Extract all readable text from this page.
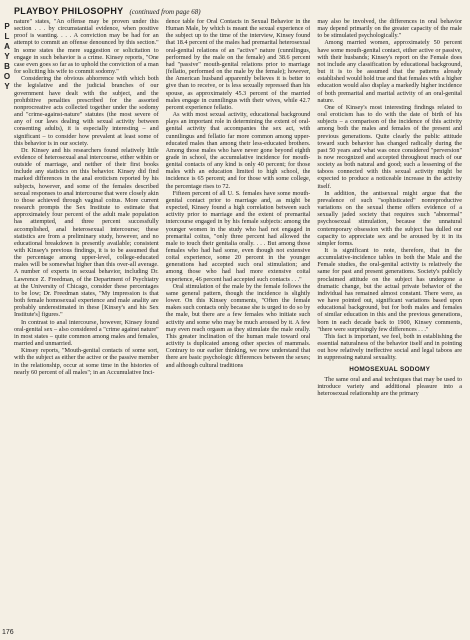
P
L
A
Y
B
O
Y
PLAYBOY PHILOSOPHY (continued from page 68)

nature" states, "An offense may be proven under this section . . . by circumstantial evidence, when positive proof is wanting. . . . A conviction may be had for an attempt to commit an offense denounced by this section." In some states the mere suggestion or solicitation to engage in such behavior is a crime. Kinsey reports, "One case even goes so far as to uphold the conviction of a man for soliciting his wife to commit sodomy."

Considering the obvious abhorrence with which both the legislative and the judicial branches of our government have dealt with the subject, and the prohibitive penalties prescribed for the assorted nonprocreative acts collected together under the sodomy and "crime-against-nature" statutes (the most severe of any of our laws dealing with sexual activity between consenting adults), it is especially interesting – and significant – to consider how prevalent at least some of this behavior is in our society.

Dr. Kinsey and his researchers found relatively little evidence of heterosexual anal intercourse, either within or outside of marriage, and neither of their first books include any statistics on this behavior. Kinsey did find marked differences in the anal eroticism reported by his subjects, however, and some of the females described sexual responses to anal intercourse that were closely akin to those achieved through vaginal coitus. More current research prompts the Sex Institute to estimate that approximately four percent of the adult male population has attempted, and three percent successfully accomplished, anal heterosexual intercourse; these statistics are from a preliminary study, however, and no educational breakdown is presently available; consistent with Kinsey's previous findings, it is to be assumed that the percentage among upper-level, college-educated males will be somewhat higher than this over-all average. A number of experts in sexual behavior, including Dr. Lawrence Z. Freedman, of the Department of Psychiatry at the University of Chicago, consider these percentages to be low; Dr. Freedman states, "My impression is that both female homosexual experience and male anality are probably underestimated in these [Kinsey's and his Sex Institute's] figures."

In contrast to anal intercourse, however, Kinsey found oral-genital sex – also considered a "crime against nature" in most states – quite common among males and females, married and unmarried.

Kinsey reports, "Mouth-genital contacts of some sort, with the subject as either the active or the passive member in the relationship, occur at some time in the histories of nearly 60 percent of all males"; in an Accumulative Inci-

dence table for Oral Contacts in Sexual Behavior in the Human Male, by which is meant the sexual experience of the subject up to the time of the interview, Kinsey found that 18.4 percent of the males had premarital heterosexual oral-genital relations of an "active" nature (cunnilingus, performed by the male on the female) and 38.6 percent had "passive" mouth-genital relations prior to marriage (fellatio, performed on the male by the female); however, the American husband apparently believes it is better to give than to receive, or is less sexually repressed than his spouse, as approximately 45.3 percent of the married males engage in cunnilingus with their wives, while 42.7 percent experience fellatio.

As with most sexual activity, educational background plays an important role in determining the extent of oral-genital activity that accompanies the sex act, with cunnilingus and fellatio far more common among upper-educated males than among their less-educated brothers. Among those males who have never gone beyond eighth grade in school, the accumulative incidence for mouth-genital contacts of any kind is only 40 percent; for those males with an education limited to high school, the incidence is 65 percent; and for those with some college, the percentage rises to 72.

Fifteen percent of all U. S. females have some mouth-genital contact prior to marriage and, as might be expected, Kinsey found a high correlation between such activity prior to marriage and the extent of premarital intercourse engaged in by his female subjects: among the younger women in the study who had not engaged in premarital coitus, "only three percent had allowed the male to touch their genitalia orally. . . . But among those females who had had some, even though not extensive coital experience, some 20 percent in the younger generations had accepted such oral stimulation; and among those who had had more extensive coital experience, 46 percent had accepted such contacts . . ."

Oral stimulation of the male by the female follows the same general pattern, though the incidence is slightly lower. On this Kinsey comments, "Often the female makes such contacts only because she is urged to do so by the male, but there are a few females who initiate such activity and some who may be much aroused by it. A few may even reach orgasm as they stimulate the male orally. This greater inclination of the human male toward oral activity is duplicated among other species of mammals. Contrary to our earlier thinking, we now understand that there are basic psychologic differences between the sexes; and although cultural traditions

may also be involved, the differences in oral behavior may depend primarily on the greater capacity of the male to be stimulated psychologically."

Among married women, approximately 50 percent have some mouth-genital contact, either active or passive, with their husbands; Kinsey's report on the Female does not include any classification by educational background, but it is to be assumed that the patterns already established would hold true and that females with a higher education would also display a markedly higher incidence of both premarital and marital activity of an oral-genital nature.

One of Kinsey's most interesting findings related to oral eroticism has to do with the date of birth of his subjects – a comparison of the incidence of this activity among both the males and females of the present and previous generations. Quite clearly the public attitude toward such behavior has changed radically during the past 50 years and what was once considered "perversion" is now recognized and accepted throughout much of our society as both natural and good; such a lessening of the taboos connected with this sexual activity might be expected to produce a noticeable increase in the activity itself.

In addition, the antisexual might argue that the prevalence of such "sophisticated" nonreproductive variations on the sexual theme offers evidence of a sexually jaded society that requires such "abnormal" psychosexual stimulation, because the unnatural contemporary obsession with the subject has dulled our capacity to appreciate sex and be aroused by it in its simpler forms.

It is significant to note, therefore, that in the accumulative-incidence tables in both the Male and the Female studies, the oral-genital activity is relatively the same for past and present generations. Society's publicly proclaimed attitude on the subject has undergone a dramatic change, but the actual private behavior of the individual has remained almost constant. There were, as we have pointed out, significant variations based upon educational background, but for both males and females of similar education in this and the previous generations, born in each decade back to 1900, Kinsey comments, "there were surprisingly few differences . . ."

This fact is important, we feel, both in establishing the essential naturalness of the behavior itself and in pointing out how relatively ineffective social and legal taboos are in suppressing natural sexuality.

HOMOSEXUAL SODOMY

The same oral and anal techniques that may be used to introduce variety and additional pleasure into a heterosexual relationship are the primary

176
